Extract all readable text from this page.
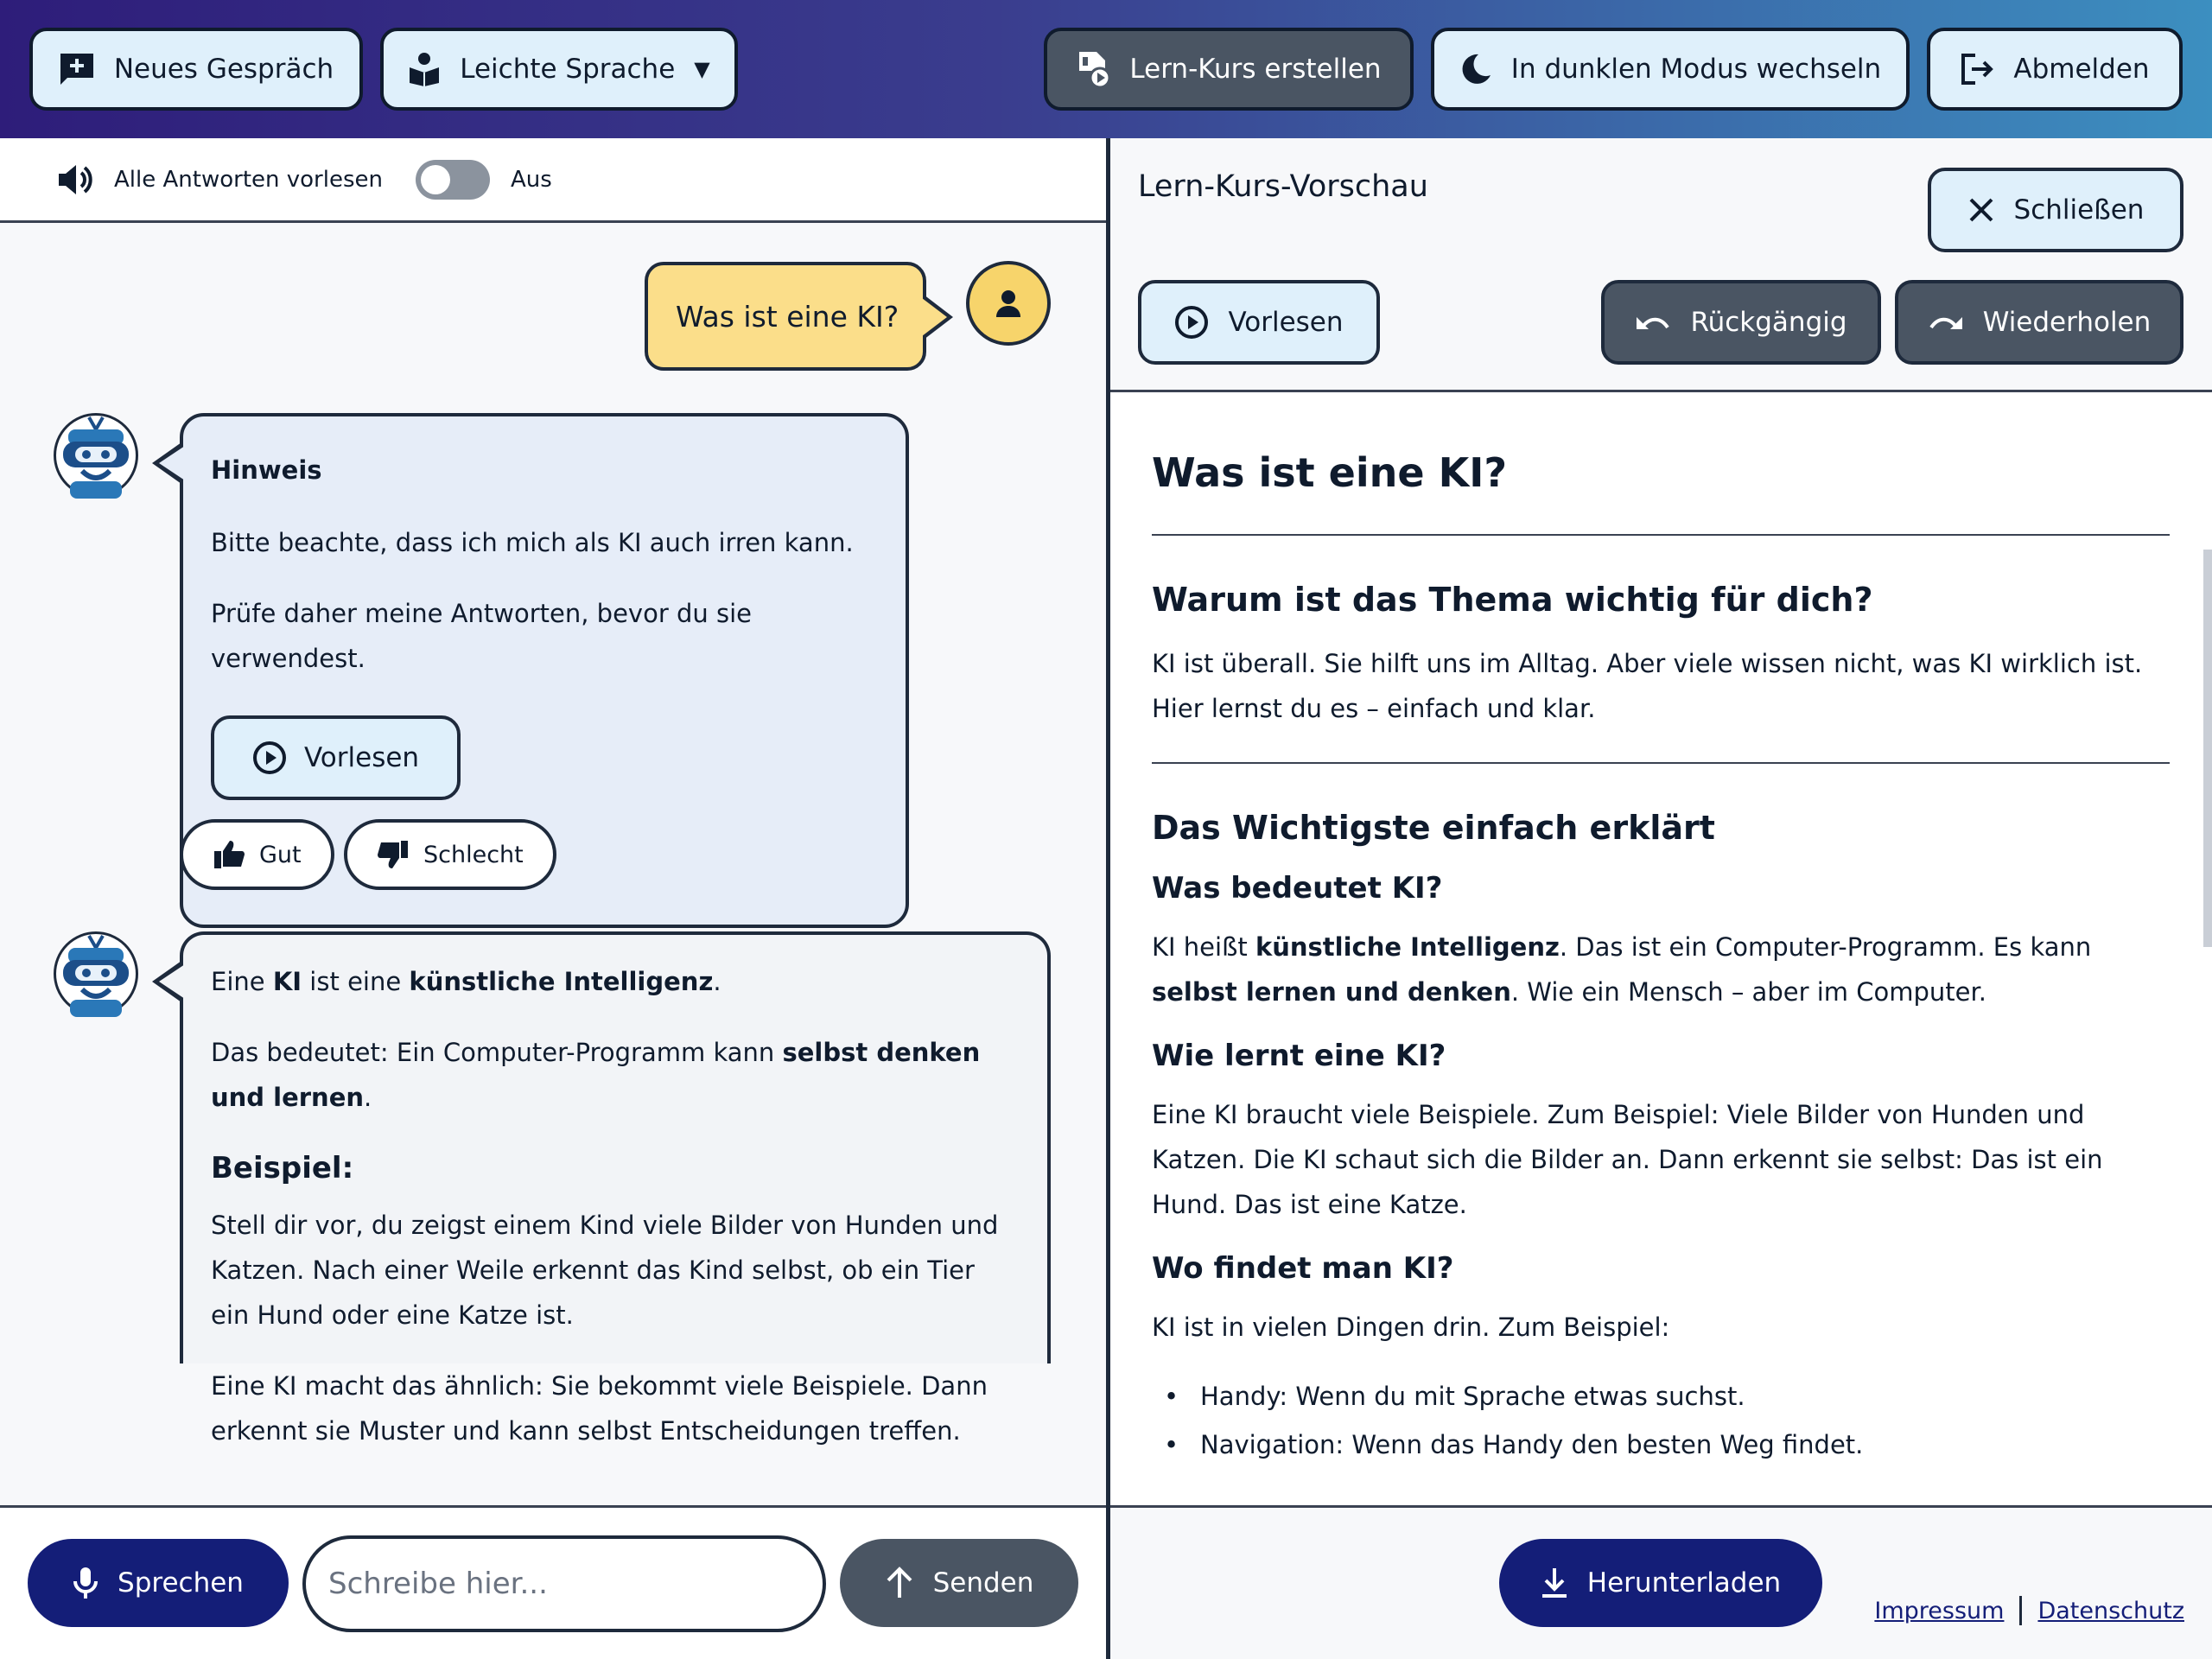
Neues Gespräch	Leichte Sprache ▼	Lern-Kurs erstellen	In dunklen Modus wechseln	Abmelden
Alle Antworten vorlesen	Aus
Was ist eine KI?

Hinweis

Bitte beachte, dass ich mich als KI auch irren kann.

Prüfe daher meine Antworten, bevor du sie verwendest.

Vorlesen
Gut	Schlecht

Eine KI ist eine künstliche Intelligenz.

Das bedeutet: Ein Computer-Programm kann selbst denken und lernen.

Beispiel:

Stell dir vor, du zeigst einem Kind viele Bilder von Hunden und Katzen. Nach einer Weile erkennt das Kind selbst, ob ein Tier ein Hund oder eine Katze ist.

Eine KI macht das ähnlich: Sie bekommt viele Beispiele. Dann erkennt sie Muster und kann selbst Entscheidungen treffen.

Sprechen	Schreibe hier...	Senden
Lern-Kurs-Vorschau
Schließen
Vorlesen	Rückgängig	Wiederholen
Was ist eine KI?
Warum ist das Thema wichtig für dich?

KI ist überall. Sie hilft uns im Alltag. Aber viele wissen nicht, was KI wirklich ist. Hier lernst du es – einfach und klar.

Das Wichtigste einfach erklärt
Was bedeutet KI?

KI heißt künstliche Intelligenz. Das ist ein Computer-Programm. Es kann selbst lernen und denken. Wie ein Mensch – aber im Computer.

Wie lernt eine KI?

Eine KI braucht viele Beispiele. Zum Beispiel: Viele Bilder von Hunden und Katzen. Die KI schaut sich die Bilder an. Dann erkennt sie selbst: Das ist ein Hund. Das ist eine Katze.

Wo findet man KI?

KI ist in vielen Dingen drin. Zum Beispiel:

• Handy: Wenn du mit Sprache etwas suchst.
• Navigation: Wenn das Handy den besten Weg findet.
Herunterladen
Impressum Datenschutz
